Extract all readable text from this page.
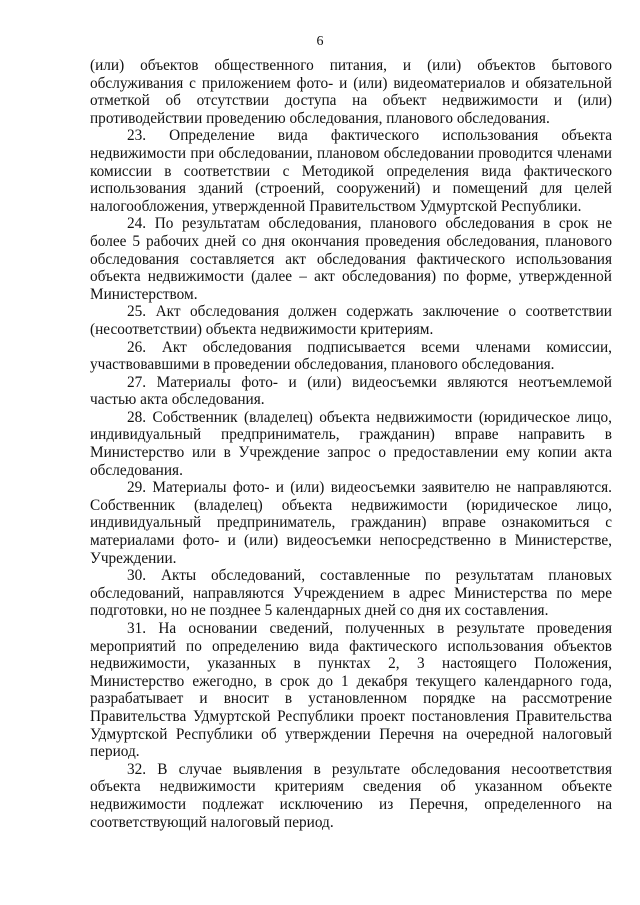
6

(или) объектов общественного питания, и (или) объектов бытового обслуживания с приложением фото- и (или) видеоматериалов и обязательной отметкой об отсутствии доступа на объект недвижимости и (или) противодействии проведению обследования, планового обследования.

23. Определение вида фактического использования объекта недвижимости при обследовании, плановом обследовании проводится членами комиссии в соответствии с Методикой определения вида фактического использования зданий (строений, сооружений) и помещений для целей налогообложения, утвержденной Правительством Удмуртской Республики.

24. По результатам обследования, планового обследования в срок не более 5 рабочих дней со дня окончания проведения обследования, планового обследования составляется акт обследования фактического использования объекта недвижимости (далее – акт обследования) по форме, утвержденной Министерством.

25. Акт обследования должен содержать заключение о соответствии (несоответствии) объекта недвижимости критериям.

26. Акт обследования подписывается всеми членами комиссии, участвовавшими в проведении обследования, планового обследования.

27. Материалы фото- и (или) видеосъемки являются неотъемлемой частью акта обследования.

28. Собственник (владелец) объекта недвижимости (юридическое лицо, индивидуальный предприниматель, гражданин) вправе направить в Министерство или в Учреждение запрос о предоставлении ему копии акта обследования.

29. Материалы фото- и (или) видеосъемки заявителю не направляются. Собственник (владелец) объекта недвижимости (юридическое лицо, индивидуальный предприниматель, гражданин) вправе ознакомиться с материалами фото- и (или) видеосъемки непосредственно в Министерстве, Учреждении.

30. Акты обследований, составленные по результатам плановых обследований, направляются Учреждением в адрес Министерства по мере подготовки, но не позднее 5 календарных дней со дня их составления.

31. На основании сведений, полученных в результате проведения мероприятий по определению вида фактического использования объектов недвижимости, указанных в пунктах 2, 3 настоящего Положения, Министерство ежегодно, в срок до 1 декабря текущего календарного года, разрабатывает и вносит в установленном порядке на рассмотрение Правительства Удмуртской Республики проект постановления Правительства Удмуртской Республики об утверждении Перечня на очередной налоговый период.

32. В случае выявления в результате обследования несоответствия объекта недвижимости критериям сведения об указанном объекте недвижимости подлежат исключению из Перечня, определенного на соответствующий налоговый период.
